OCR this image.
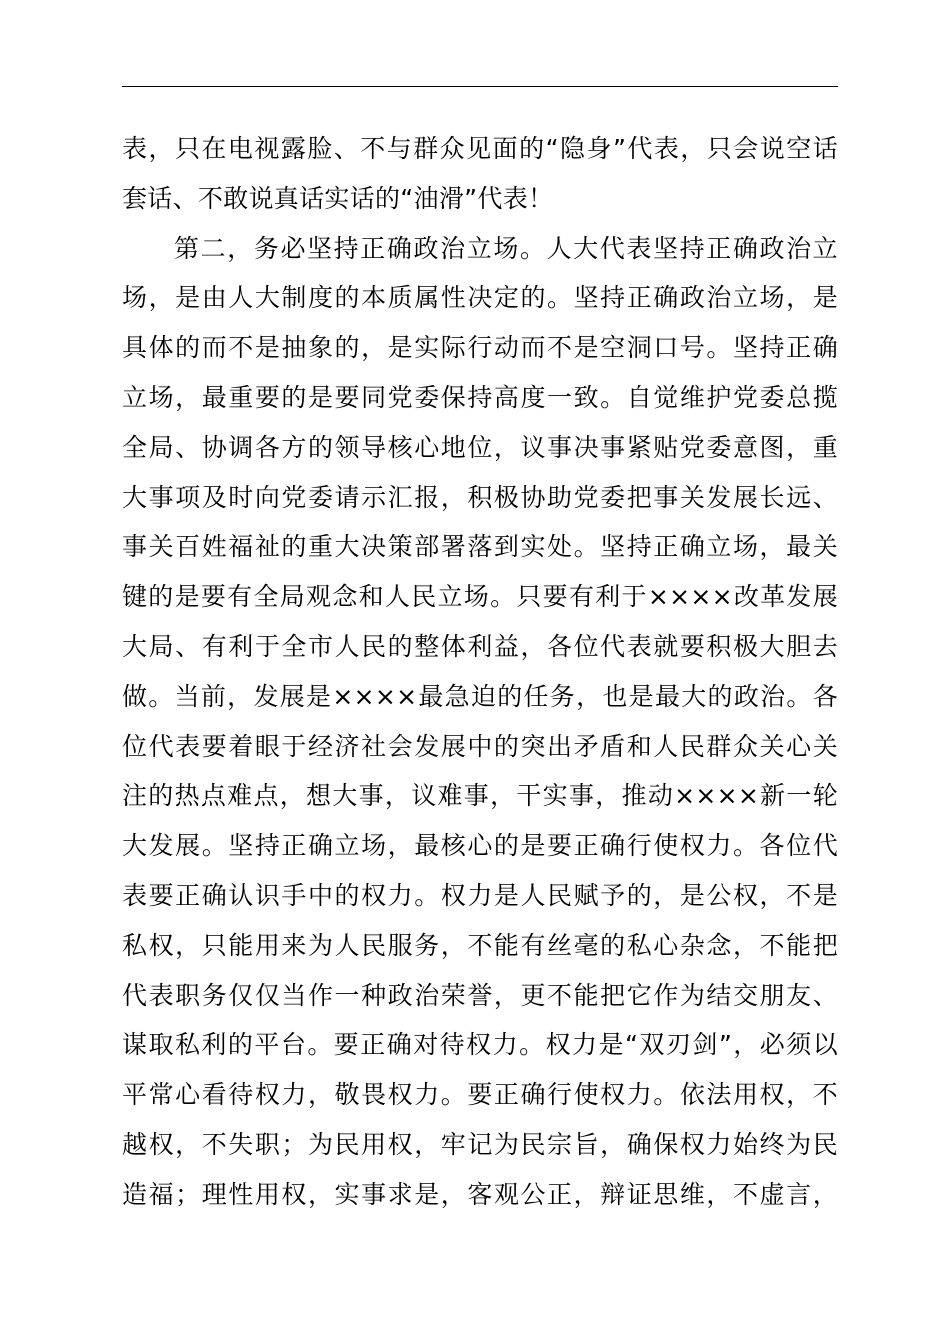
表，只在电视露脸、不与群众见面的“隐身”代表，只会说空话
套话、不敢说真话实话的“油滑”代表！
第二，务必坚持正确政治立场。人大代表坚持正确政治立
场，是由人大制度的本质属性决定的。坚持正确政治立场，是
具体的而不是抽象的，是实际行动而不是空洞口号。坚持正确
立场，最重要的是要同党委保持高度一致。自觉维护党委总揽
全局、协调各方的领导核心地位，议事决事紧贴党委意图，重
大事项及时向党委请示汇报，积极协助党委把事关发展长远、
事关百姓福祉的重大决策部署落到实处。坚持正确立场，最关
键的是要有全局观念和人民立场。只要有利于××××改革发展
大局、有利于全市人民的整体利益，各位代表就要积极大胆去
做。当前，发展是××××最急迫的任务，也是最大的政治。各
位代表要着眼于经济社会发展中的突出矛盾和人民群众关心关
注的热点难点，想大事，议难事，干实事，推动××××新一轮
大发展。坚持正确立场，最核心的是要正确行使权力。各位代
表要正确认识手中的权力。权力是人民赋予的，是公权，不是
私权，只能用来为人民服务，不能有丝毫的私心杂念，不能把
代表职务仅仅当作一种政治荣誉，更不能把它作为结交朋友、
谋取私利的平台。要正确对待权力。权力是“双刃剑”，必须以
平常心看待权力，敬畏权力。要正确行使权力。依法用权，不
越权，不失职；为民用权，牢记为民宗旨，确保权力始终为民
造福；理性用权，实事求是，客观公正，辩证思维，不虚言，
